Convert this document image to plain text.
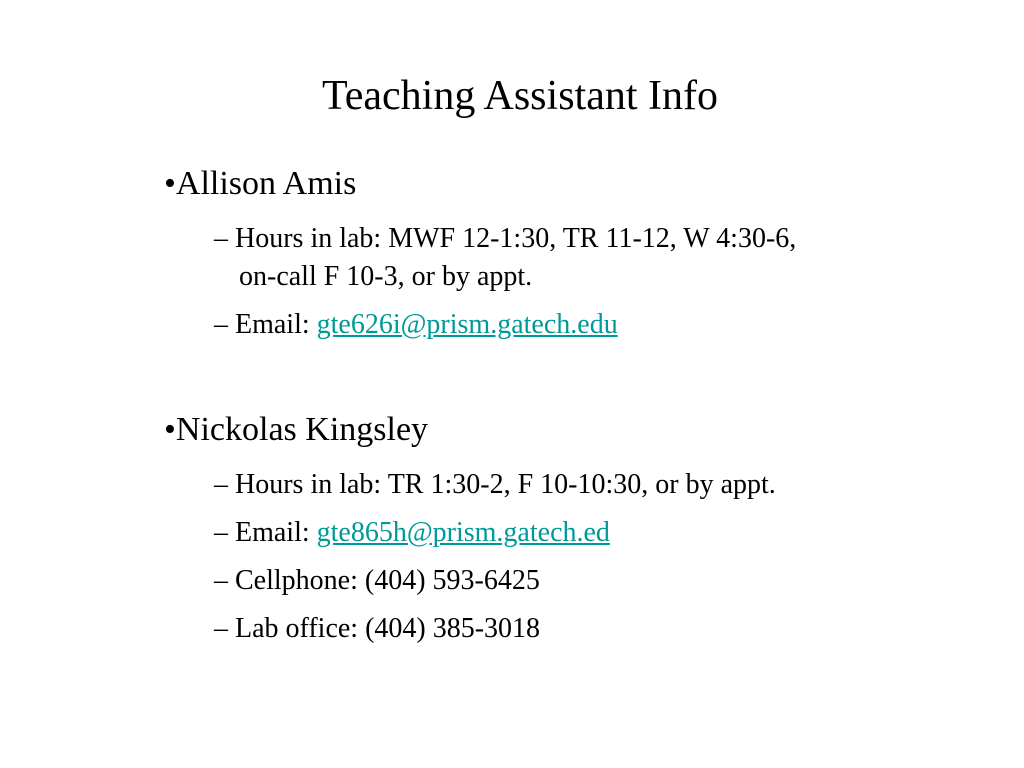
Teaching Assistant Info
•Allison Amis
– Hours in lab: MWF 12-1:30, TR 11-12, W 4:30-6,
on-call F 10-3, or by appt.
– Email: gte626i@prism.gatech.edu
•Nickolas Kingsley
– Hours in lab: TR 1:30-2, F 10-10:30, or by appt.
– Email: gte865h@prism.gatech.ed
– Cellphone: (404) 593-6425
– Lab office: (404) 385-3018
